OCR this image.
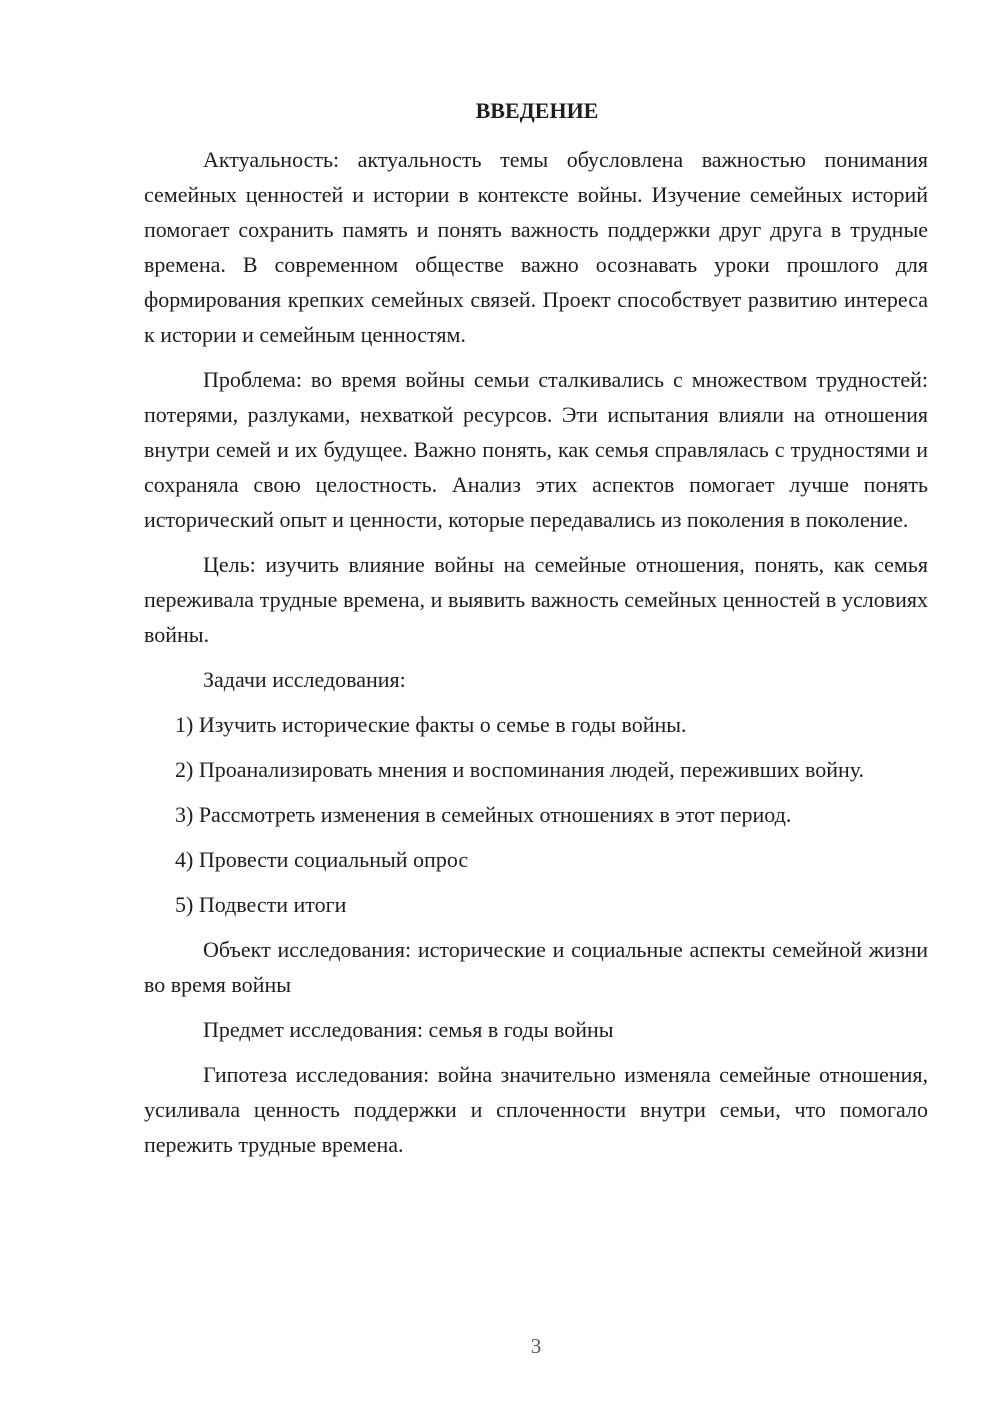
ВВЕДЕНИЕ

Актуальность: актуальность темы обусловлена важностью понимания семейных ценностей и истории в контексте войны. Изучение семейных историй помогает сохранить память и понять важность поддержки друг друга в трудные времена. В современном обществе важно осознавать уроки прошлого для формирования крепких семейных связей. Проект способствует развитию интереса к истории и семейным ценностям.

Проблема: во время войны семьи сталкивались с множеством трудностей: потерями, разлуками, нехваткой ресурсов. Эти испытания влияли на отношения внутри семей и их будущее. Важно понять, как семья справлялась с трудностями и сохраняла свою целостность. Анализ этих аспектов помогает лучше понять исторический опыт и ценности, которые передавались из поколения в поколение.

Цель: изучить влияние войны на семейные отношения, понять, как семья переживала трудные времена, и выявить важность семейных ценностей в условиях войны.

Задачи исследования:

1) Изучить исторические факты о семье в годы войны.

2) Проанализировать мнения и воспоминания людей, переживших войну.

3) Рассмотреть изменения в семейных отношениях в этот период.

4) Провести социальный опрос

5) Подвести итоги

Объект исследования: исторические и социальные аспекты семейной жизни во время войны

Предмет исследования: семья в годы войны

Гипотеза исследования: война значительно изменяла семейные отношения, усиливала ценность поддержки и сплоченности внутри семьи, что помогало пережить трудные времена.

3
